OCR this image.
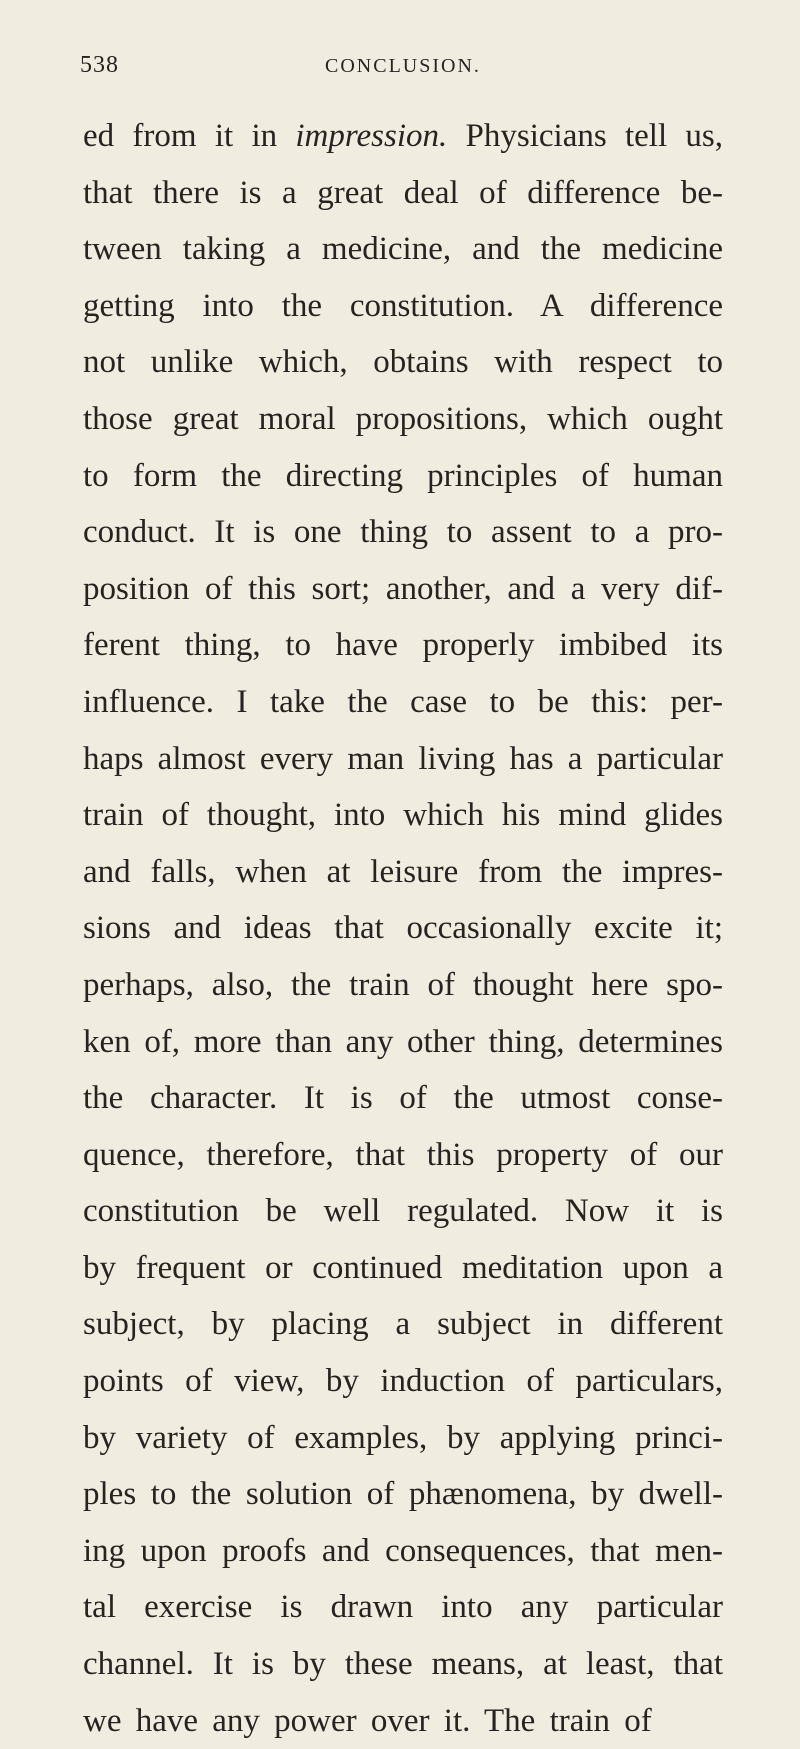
538	CONCLUSION.
ed from it in impression. Physicians tell us,
that there is a great deal of difference be-
tween taking a medicine, and the medicine
getting into the constitution. A difference
not unlike which, obtains with respect to
those great moral propositions, which ought
to form the directing principles of human
conduct. It is one thing to assent to a pro-
position of this sort; another, and a very dif-
ferent thing, to have properly imbibed its
influence. I take the case to be this: per-
haps almost every man living has a particular
train of thought, into which his mind glides
and falls, when at leisure from the impres-
sions and ideas that occasionally excite it;
perhaps, also, the train of thought here spo-
ken of, more than any other thing, determines
the character. It is of the utmost conse-
quence, therefore, that this property of our
constitution be well regulated. Now it is
by frequent or continued meditation upon a
subject, by placing a subject in different
points of view, by induction of particulars,
by variety of examples, by applying princi-
ples to the solution of phænomena, by dwell-
ing upon proofs and consequences, that men-
tal exercise is drawn into any particular
channel. It is by these means, at least, that
we have any power over it. The train of
